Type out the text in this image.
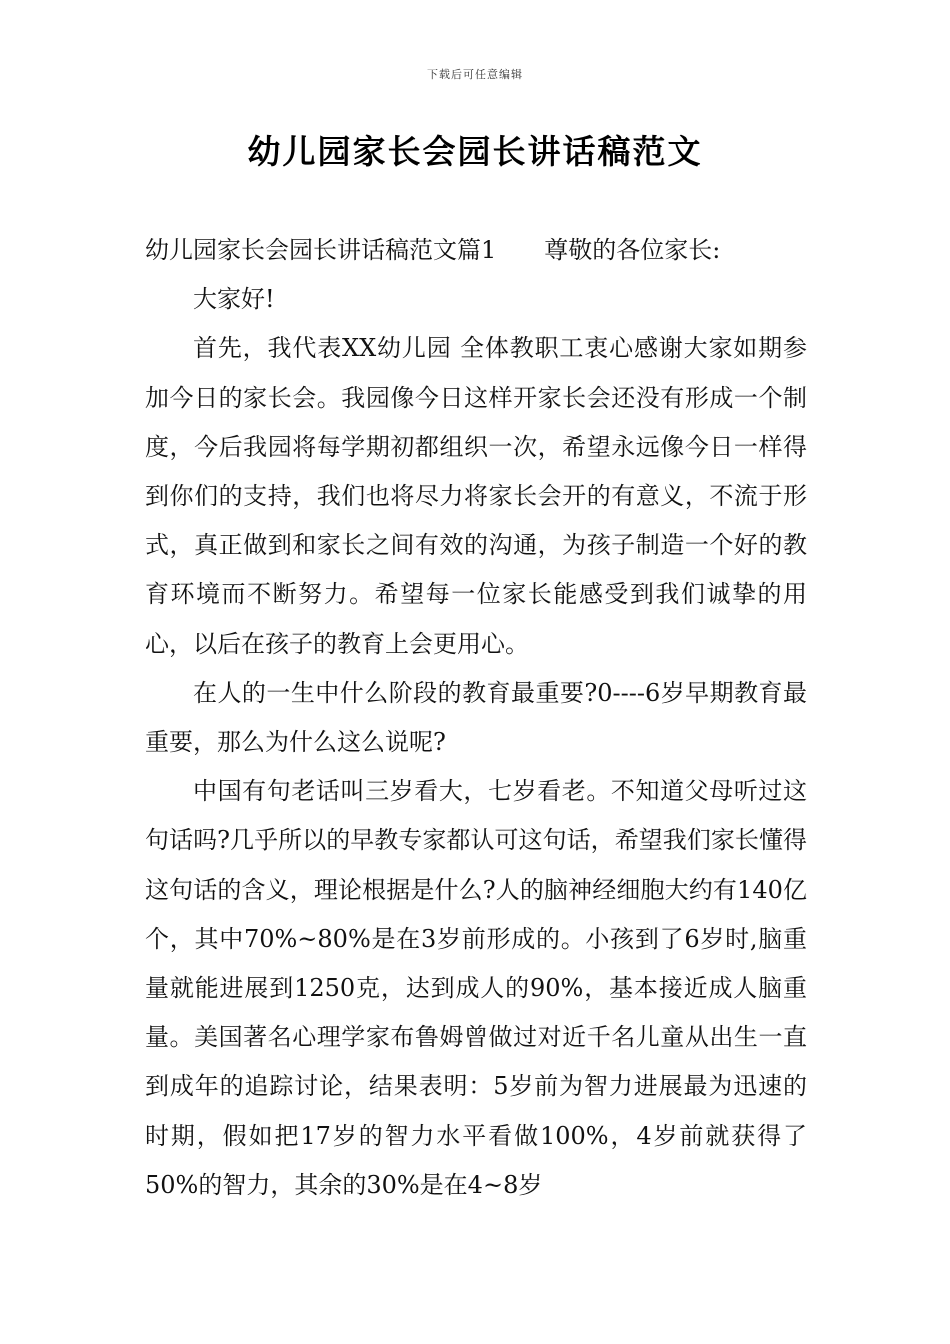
下载后可任意编辑
幼儿园家长会园长讲话稿范文

幼儿园家长会园长讲话稿范文篇1 尊敬的各位家长:

大家好!

首先，我代表XX幼儿园 全体教职工衷心感谢大家如期参加今日的家长会。我园像今日这样开家长会还没有形成一个制度，今后我园将每学期初都组织一次，希望永远像今日一样得到你们的支持，我们也将尽力将家长会开的有意义，不流于形式，真正做到和家长之间有效的沟通，为孩子制造一个好的教育环境而不断努力。希望每一位家长能感受到我们诚挚的用心，以后在孩子的教育上会更用心。

在人的一生中什么阶段的教育最重要?0----6岁早期教育最重要，那么为什么这么说呢?

中国有句老话叫三岁看大，七岁看老。不知道父母听过这句话吗?几乎所以的早教专家都认可这句话，希望我们家长懂得这句话的含义，理论根据是什么?人的脑神经细胞大约有140亿个，其中70%~80%是在3岁前形成的。小孩到了6岁时,脑重量就能进展到1250克，达到成人的90%，基本接近成人脑重量。美国著名心理学家布鲁姆曾做过对近千名儿童从出生一直到成年的追踪讨论，结果表明：5岁前为智力进展最为迅速的时期，假如把17岁的智力水平看做100%，4岁前就获得了50%的智力，其余的30%是在4~8岁
